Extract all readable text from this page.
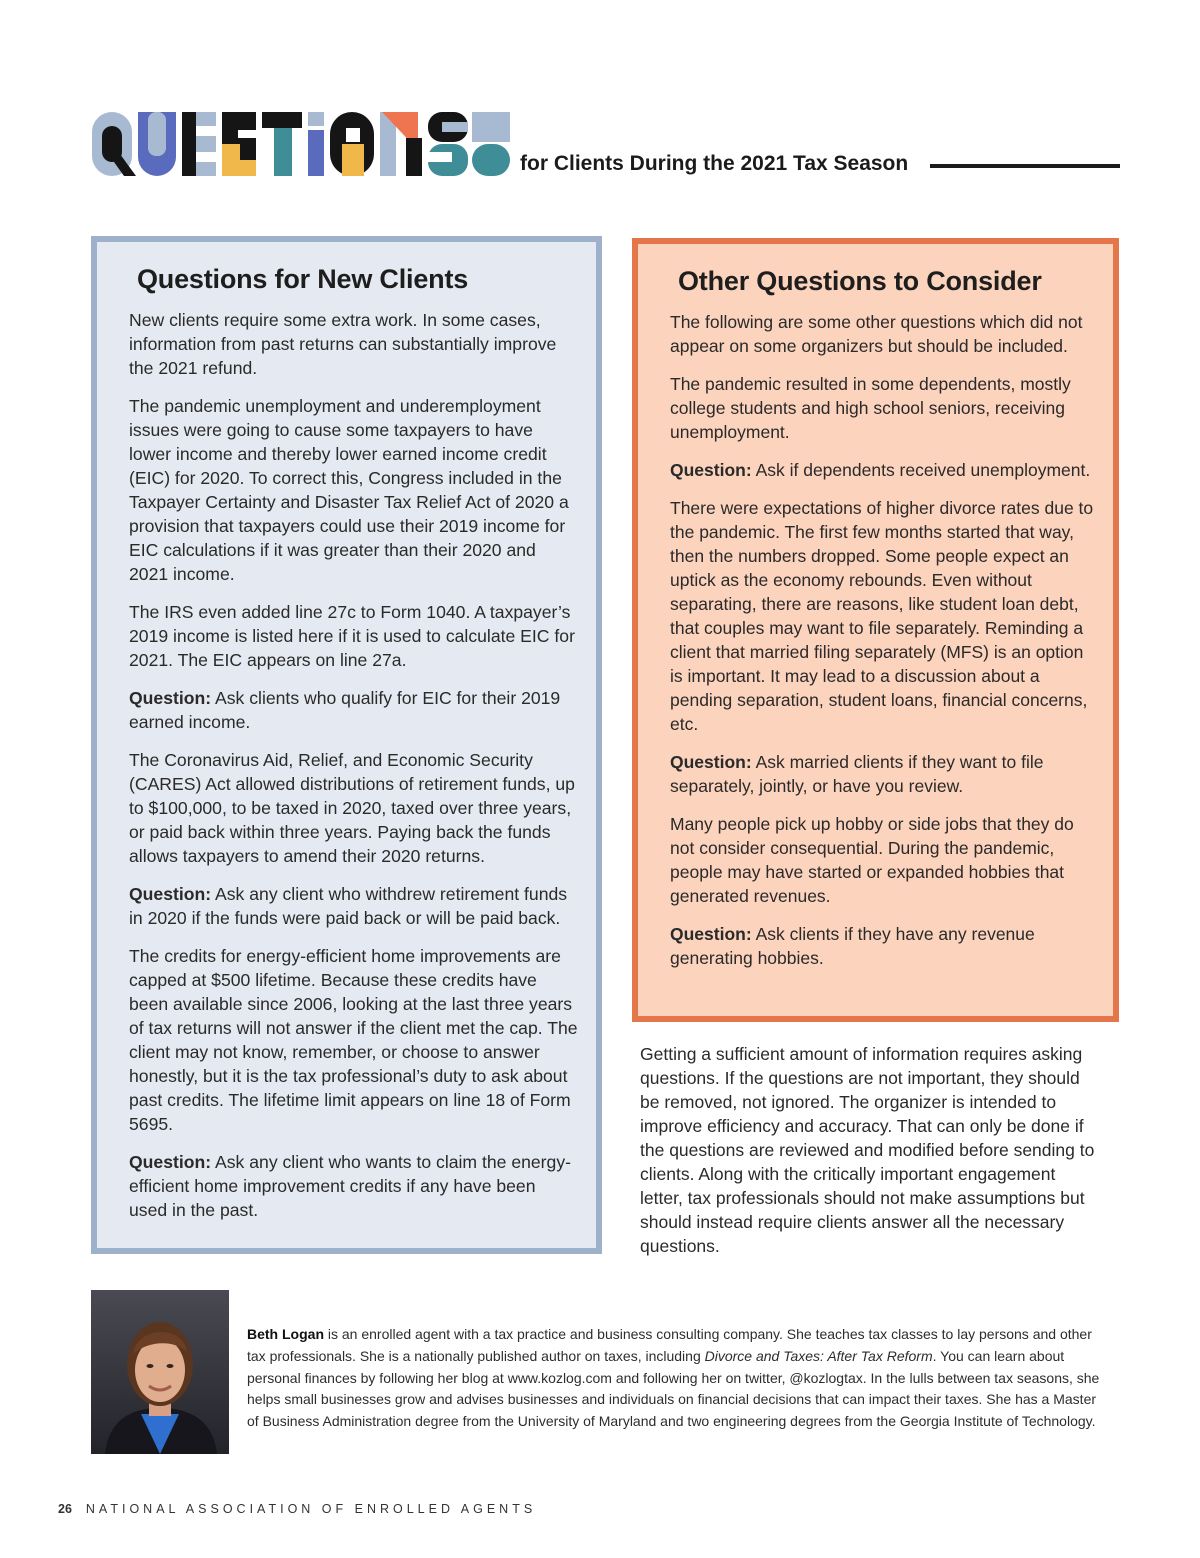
for Clients During the 2021 Tax Season
Questions for New Clients

New clients require some extra work. In some cases, information from past returns can substantially improve the 2021 refund.

The pandemic unemployment and underemployment issues were going to cause some taxpayers to have lower income and thereby lower earned income credit (EIC) for 2020. To correct this, Congress included in the Taxpayer Certainty and Disaster Tax Relief Act of 2020 a provision that taxpayers could use their 2019 income for EIC calculations if it was greater than their 2020 and 2021 income.

The IRS even added line 27c to Form 1040. A taxpayer’s 2019 income is listed here if it is used to calculate EIC for 2021. The EIC appears on line 27a.

Question: Ask clients who qualify for EIC for their 2019 earned income.

The Coronavirus Aid, Relief, and Economic Security (CARES) Act allowed distributions of retirement funds, up to $100,000, to be taxed in 2020, taxed over three years, or paid back within three years. Paying back the funds allows taxpayers to amend their 2020 returns.

Question: Ask any client who withdrew retirement funds in 2020 if the funds were paid back or will be paid back.

The credits for energy-efficient home improvements are capped at $500 lifetime. Because these credits have been available since 2006, looking at the last three years of tax returns will not answer if the client met the cap. The client may not know, remember, or choose to answer honestly, but it is the tax professional’s duty to ask about past credits. The lifetime limit appears on line 18 of Form 5695.

Question: Ask any client who wants to claim the energy-efficient home improvement credits if any have been used in the past.

Other Questions to Consider

The following are some other questions which did not appear on some organizers but should be included.

The pandemic resulted in some dependents, mostly college students and high school seniors, receiving unemployment.

Question: Ask if dependents received unemployment.

There were expectations of higher divorce rates due to the pandemic. The first few months started that way, then the numbers dropped. Some people expect an uptick as the economy rebounds. Even without separating, there are reasons, like student loan debt, that couples may want to file separately. Reminding a client that married filing separately (MFS) is an option is important. It may lead to a discussion about a pending separation, student loans, financial concerns, etc.

Question: Ask married clients if they want to file separately, jointly, or have you review.

Many people pick up hobby or side jobs that they do not consider consequential. During the pandemic, people may have started or expanded hobbies that generated revenues.

Question: Ask clients if they have any revenue generating hobbies.

Getting a sufficient amount of information requires asking questions. If the questions are not important, they should be removed, not ignored. The organizer is intended to improve efficiency and accuracy. That can only be done if the questions are reviewed and modified before sending to clients. Along with the critically important engagement letter, tax professionals should not make assumptions but should instead require clients answer all the necessary questions.

Beth Logan is an enrolled agent with a tax practice and business consulting company. She teaches tax classes to lay persons and other tax professionals. She is a nationally published author on taxes, including Divorce and Taxes: After Tax Reform. You can learn about personal finances by following her blog at www.kozlog.com and following her on twitter, @kozlogtax. In the lulls between tax seasons, she helps small businesses grow and advises businesses and individuals on financial decisions that can impact their taxes. She has a Master of Business Administration degree from the University of Maryland and two engineering degrees from the Georgia Institute of Technology.
26 NATIONAL ASSOCIATION OF ENROLLED AGENTS
